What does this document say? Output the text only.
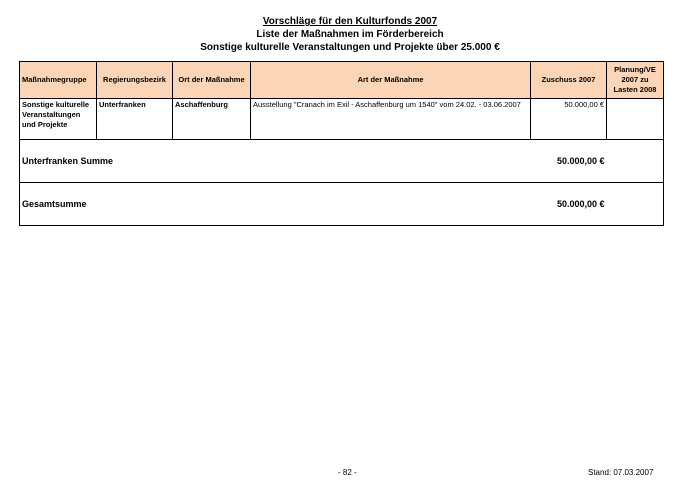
Vorschläge für den Kulturfonds 2007
Liste der Maßnahmen im Förderbereich
Sonstige kulturelle Veranstaltungen und Projekte über 25.000 €
Maßnahmegruppe	Regierungsbezirk	Ort der Maßnahme	Art der Maßnahme	Zuschuss 2007	Planung/VE 2007 zu Lasten 2008
Sonstige kulturelle Veranstaltungen und Projekte	Unterfranken	Aschaffenburg	Ausstellung "Cranach im Exil - Aschaffenburg um 1540" vom 24.02. - 03.06.2007	50.000,00 €	
Unterfranken Summe				50.000,00 €	
Gesamtsumme				50.000,00 €	
- 82 -	Stand: 07.03.2007
